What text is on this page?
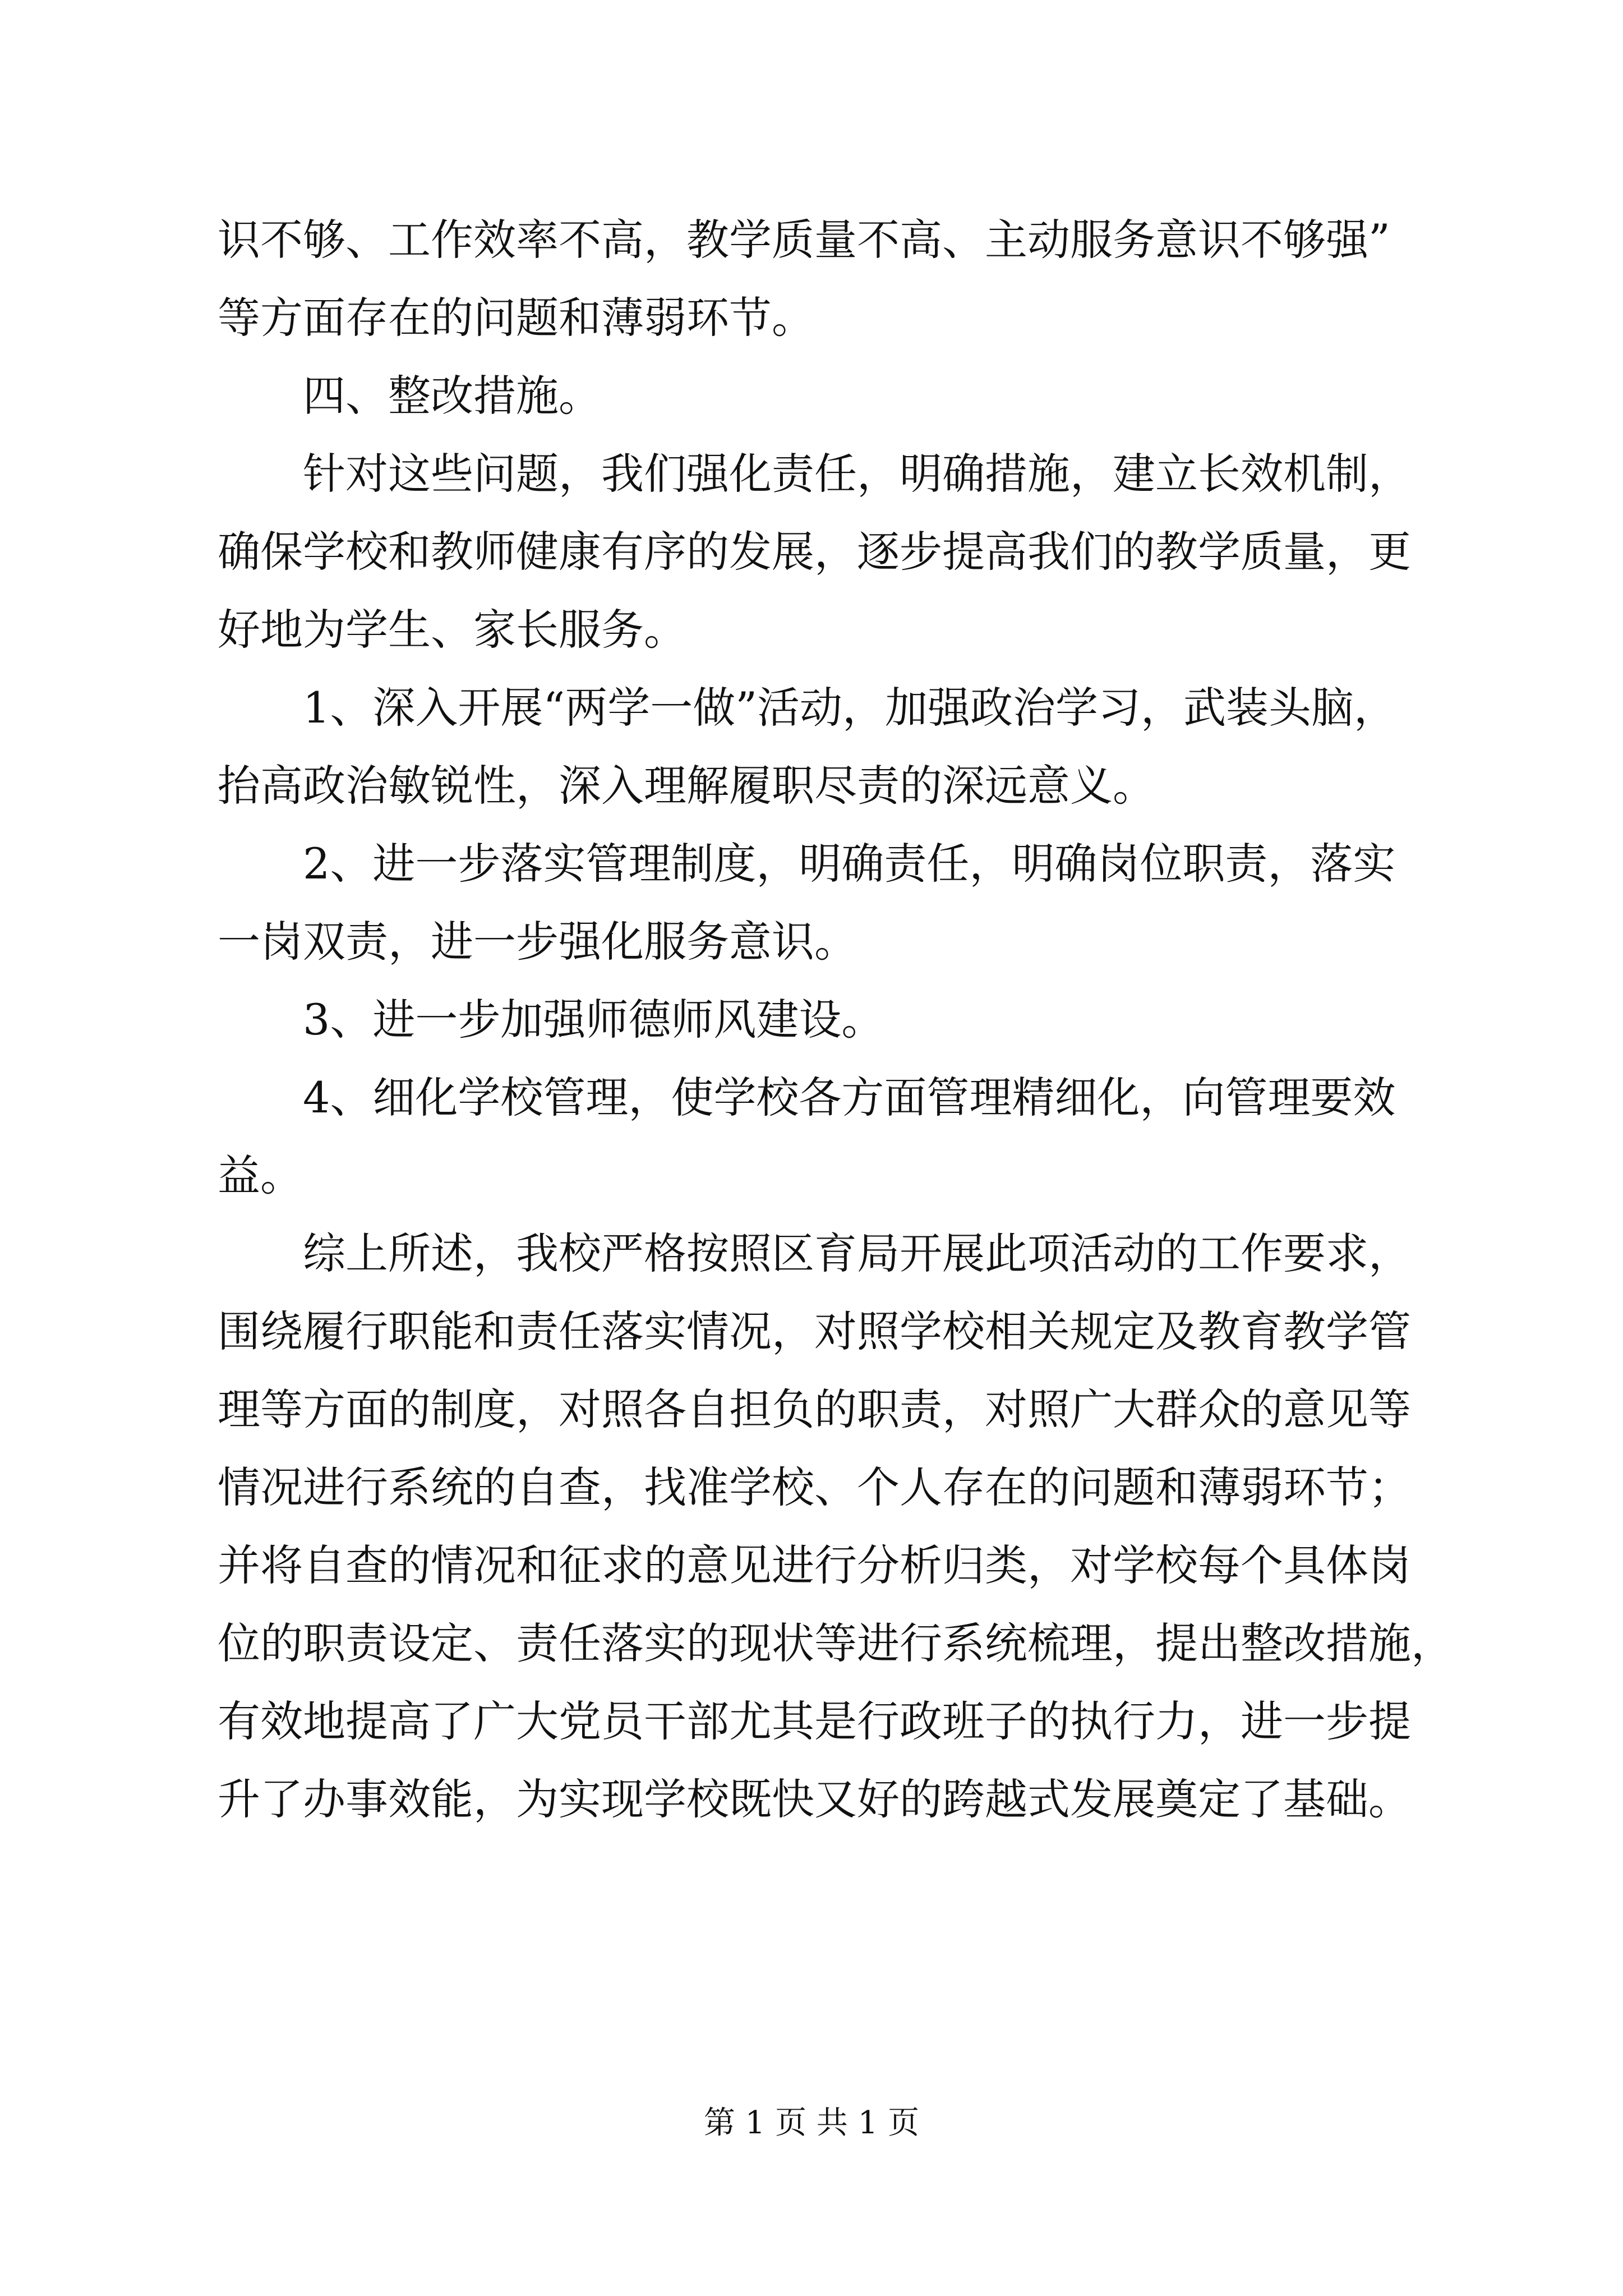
识不够、工作效率不高，教学质量不高、主动服务意识不够强”
等方面存在的问题和薄弱环节。
四、整改措施。
针对这些问题，我们强化责任，明确措施，建立长效机制，
确保学校和教师健康有序的发展，逐步提高我们的教学质量，更
好地为学生、家长服务。
1、深入开展“两学一做”活动，加强政治学习，武装头脑，
抬高政治敏锐性，深入理解履职尽责的深远意义。
2、进一步落实管理制度，明确责任，明确岗位职责，落实
一岗双责，进一步强化服务意识。
3、进一步加强师德师风建设。
4、细化学校管理，使学校各方面管理精细化，向管理要效
益。
综上所述，我校严格按照区育局开展此项活动的工作要求，
围绕履行职能和责任落实情况，对照学校相关规定及教育教学管
理等方面的制度，对照各自担负的职责，对照广大群众的意见等
情况进行系统的自查，找准学校、个人存在的问题和薄弱环节；
并将自查的情况和征求的意见进行分析归类，对学校每个具体岗
位的职责设定、责任落实的现状等进行系统梳理，提出整改措施，
有效地提高了广大党员干部尤其是行政班子的执行力，进一步提
升了办事效能，为实现学校既快又好的跨越式发展奠定了基础。
第 1 页 共 1 页
